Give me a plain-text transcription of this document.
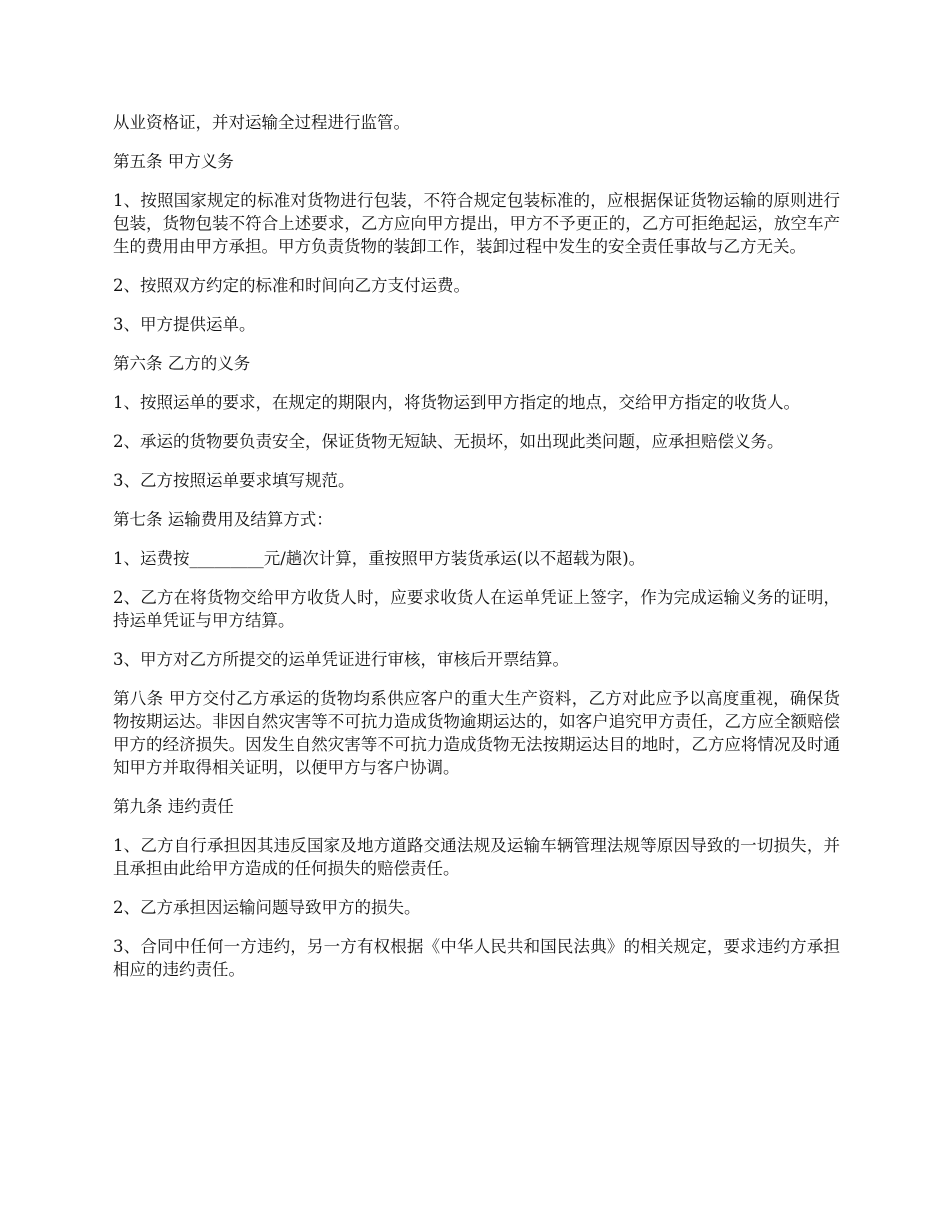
从业资格证，并对运输全过程进行监管。

第五条 甲方义务

1、按照国家规定的标准对货物进行包装，不符合规定包装标准的，应根据保证货物运输的原则进行包装，货物包装不符合上述要求，乙方应向甲方提出，甲方不予更正的，乙方可拒绝起运，放空车产生的费用由甲方承担。甲方负责货物的装卸工作，装卸过程中发生的安全责任事故与乙方无关。

2、按照双方约定的标准和时间向乙方支付运费。

3、甲方提供运单。

第六条 乙方的义务

1、按照运单的要求，在规定的期限内，将货物运到甲方指定的地点，交给甲方指定的收货人。

2、承运的货物要负责安全，保证货物无短缺、无损坏，如出现此类问题，应承担赔偿义务。

3、乙方按照运单要求填写规范。

第七条 运输费用及结算方式：

1、运费按_________元/趟次计算，重按照甲方装货承运(以不超载为限)。

2、乙方在将货物交给甲方收货人时，应要求收货人在运单凭证上签字，作为完成运输义务的证明，持运单凭证与甲方结算。

3、甲方对乙方所提交的运单凭证进行审核，审核后开票结算。

第八条 甲方交付乙方承运的货物均系供应客户的重大生产资料，乙方对此应予以高度重视，确保货物按期运达。非因自然灾害等不可抗力造成货物逾期运达的，如客户追究甲方责任，乙方应全额赔偿甲方的经济损失。因发生自然灾害等不可抗力造成货物无法按期运达目的地时，乙方应将情况及时通知甲方并取得相关证明，以便甲方与客户协调。

第九条 违约责任

1、乙方自行承担因其违反国家及地方道路交通法规及运输车辆管理法规等原因导致的一切损失，并且承担由此给甲方造成的任何损失的赔偿责任。

2、乙方承担因运输问题导致甲方的损失。

3、合同中任何一方违约，另一方有权根据《中华人民共和国民法典》的相关规定，要求违约方承担相应的违约责任。
